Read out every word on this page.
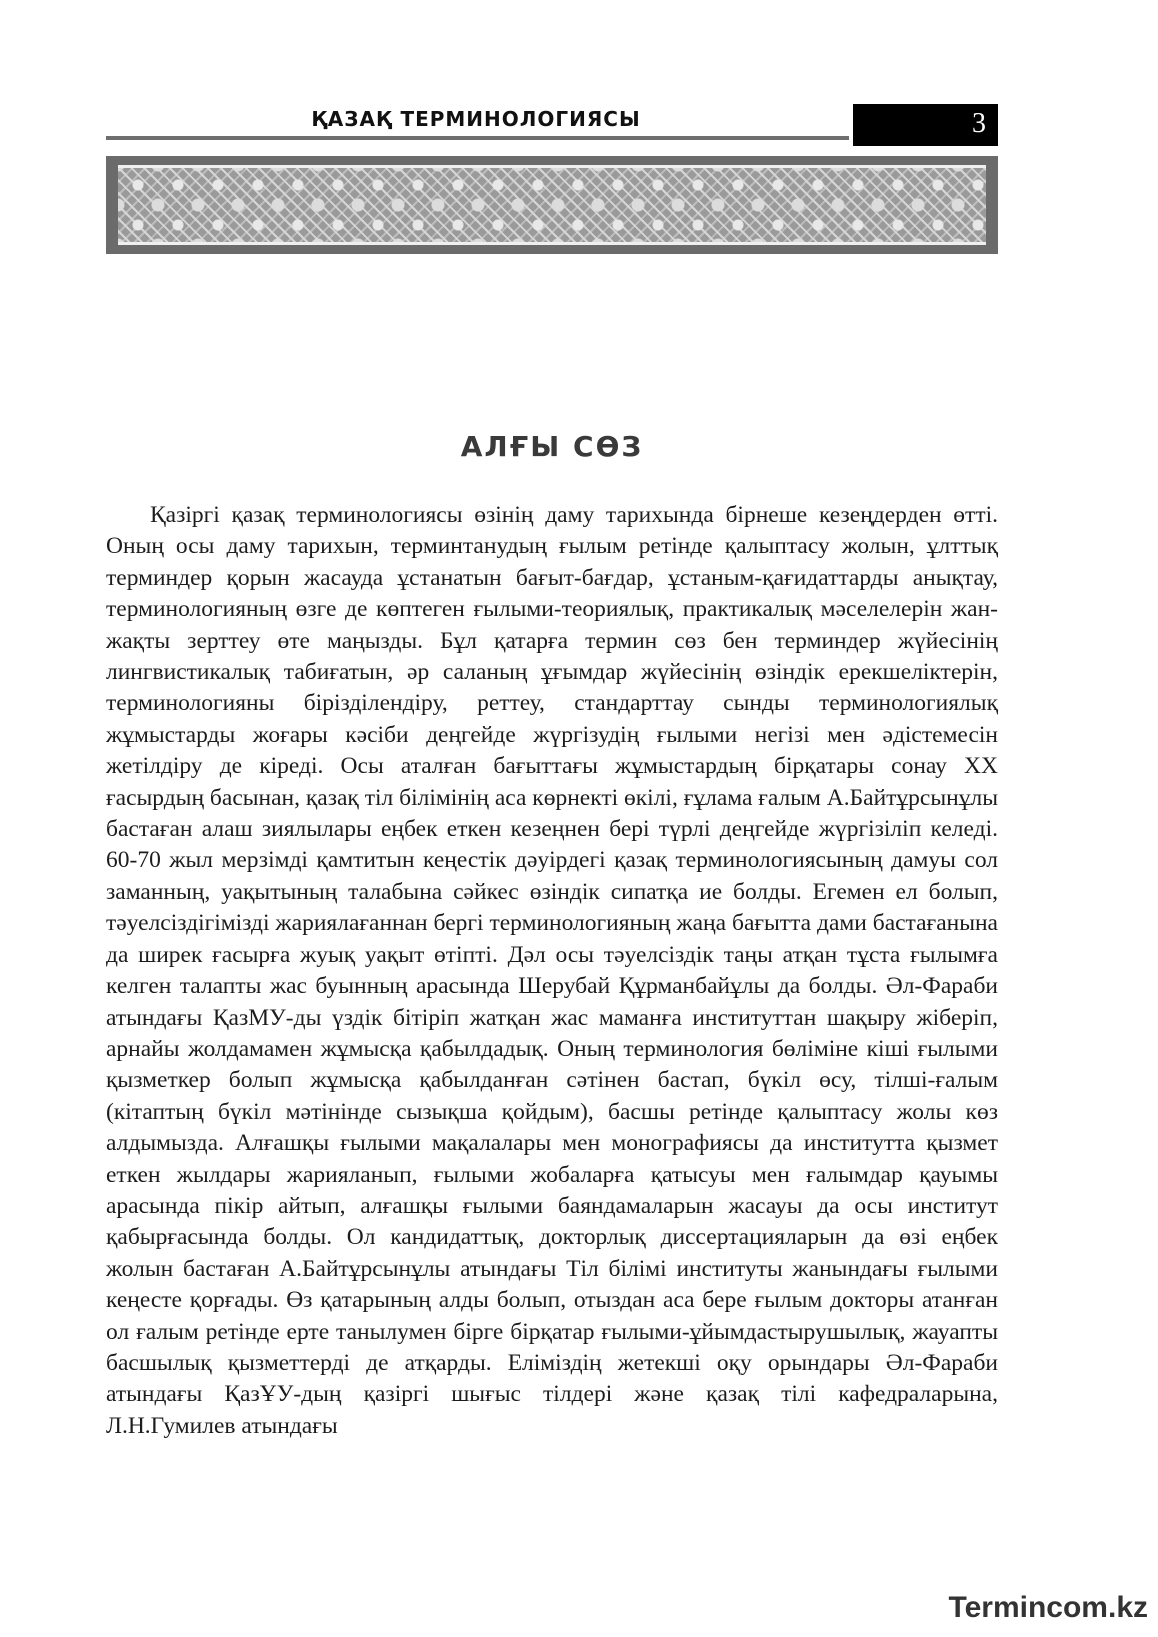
ҚАЗАҚ ТЕРМИНОЛОГИЯСЫ	3
АЛҒЫ СӨЗ

Қазіргі қазақ терминологиясы өзінің даму тарихында бірнеше кезеңдерден өтті. Оның осы даму тарихын, терминтанудың ғылым ретінде қалыптасу жолын, ұлттық терминдер қорын жасауда ұстанатын бағыт-бағдар, ұстаным-қағидаттарды анықтау, терминологияның өзге де көптеген ғылыми-теориялық, практикалық мәселелерін жан-жақты зерттеу өте маңызды. Бұл қатарға термин сөз бен терминдер жүйесінің лингвистикалық табиғатын, әр саланың ұғымдар жүйесінің өзіндік ерекшеліктерін, терминологияны бірізділендіру, реттеу, стандарттау сынды терминологиялық жұмыстарды жоғары кәсіби деңгейде жүргізудің ғылыми негізі мен әдістемесін жетілдіру де кіреді. Осы аталған бағыттағы жұмыстардың бірқатары сонау ХХ ғасырдың басынан, қазақ тіл білімінің аса көрнекті өкілі, ғұлама ғалым А.Байтұрсынұлы бастаған алаш зиялылары еңбек еткен кезеңнен бері түрлі деңгейде жүргізіліп келеді. 60-70 жыл мерзімді қамтитын кеңестік дәуірдегі қазақ терминологиясының дамуы сол заманның, уақытының талабына сәйкес өзіндік сипатқа ие болды. Егемен ел болып, тәуелсіздігімізді жариялағаннан бергі терминологияның жаңа бағытта дами бастағанына да ширек ғасырға жуық уақыт өтіпті. Дәл осы тәуелсіздік таңы атқан тұста ғылымға келген талапты жас буынның арасында Шерубай Құрманбайұлы да болды. Әл-Фараби атындағы ҚазМУ-ды үздік бітіріп жатқан жас маманға институттан шақыру жіберіп, арнайы жолдамамен жұмысқа қабылдадық. Оның терминология бөліміне кіші ғылыми қызметкер болып жұмысқа қабылданған сәтінен бастап, бүкіл өсу, тілші-ғалым (кітаптың бүкіл мәтінінде сызықша қойдым), басшы ретінде қалыптасу жолы көз алдымызда. Алғашқы ғылыми мақалалары мен монографиясы да институтта қызмет еткен жылдары жарияланып, ғылыми жобаларға қатысуы мен ғалымдар қауымы арасында пікір айтып, алғашқы ғылыми баяндамаларын жасауы да осы институт қабырғасында болды. Ол кандидаттық, докторлық диссертацияларын да өзі еңбек жолын бастаған А.Байтұрсынұлы атындағы Тіл білімі институты жанындағы ғылыми кеңесте қорғады. Өз қатарының алды болып, отыздан аса бере ғылым докторы атанған ол ғалым ретінде ерте танылумен бірге бірқатар ғылыми-ұйымдастырушылық, жауапты басшылық қызметтерді де атқарды. Еліміздің жетекші оқу орындары Әл-Фараби атындағы ҚазҰУ-дың қазіргі шығыс тілдері және қазақ тілі кафедраларына, Л.Н.Гумилев атындағы

Termincom.kz
